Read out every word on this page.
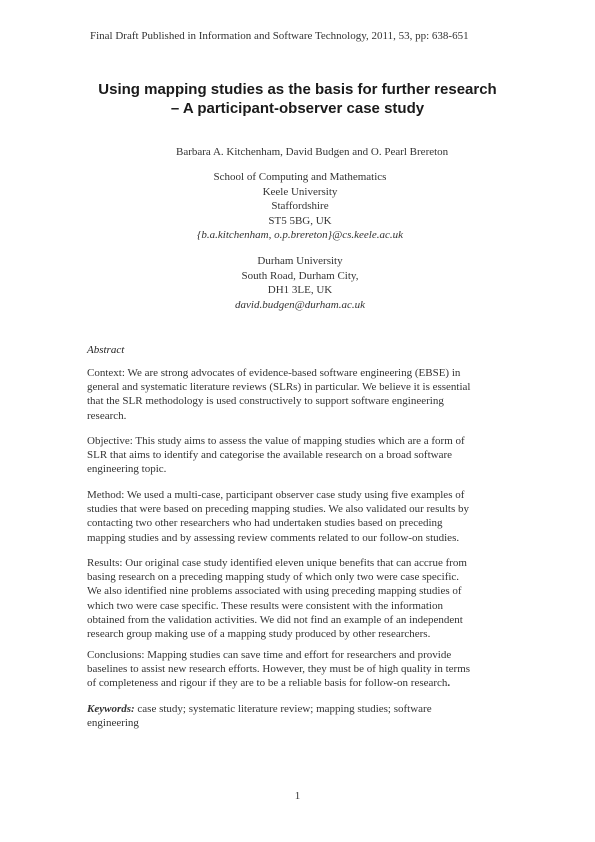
Final Draft Published in Information and Software Technology, 2011, 53, pp: 638-651
Using mapping studies as the basis for further research
– A participant-observer case study
Barbara A. Kitchenham, David Budgen and O. Pearl Brereton
School of Computing and Mathematics
Keele University
Staffordshire
ST5 5BG, UK
{b.a.kitchenham, o.p.brereton}@cs.keele.ac.uk
Durham University
South Road, Durham City,
DH1 3LE, UK
david.budgen@durham.ac.uk
Abstract
Context: We are strong advocates of evidence-based software engineering (EBSE) in
general and systematic literature reviews (SLRs) in particular. We believe it is essential
that the SLR methodology is used constructively to support software engineering
research.
Objective: This study aims to assess the value of mapping studies which are a form of
SLR that aims to identify and categorise the available research on a broad software
engineering topic.
Method: We used a multi-case, participant observer case study using five examples of
studies that were based on preceding mapping studies. We also validated our results by
contacting two other researchers who had undertaken studies based on preceding
mapping studies and by assessing review comments related to our follow-on studies.
Results: Our original case study identified eleven unique benefits that can accrue from
basing research on a preceding mapping study of which only two were case specific.
We also identified nine problems associated with using preceding mapping studies of
which two were case specific. These results were consistent with the information
obtained from the validation activities. We did not find an example of an independent
research group making use of a mapping study produced by other researchers.
Conclusions: Mapping studies can save time and effort for researchers and provide
baselines to assist new research efforts. However, they must be of high quality in terms
of completeness and rigour if they are to be a reliable basis for follow-on research.
Keywords: case study; systematic literature review; mapping studies; software
engineering
1
